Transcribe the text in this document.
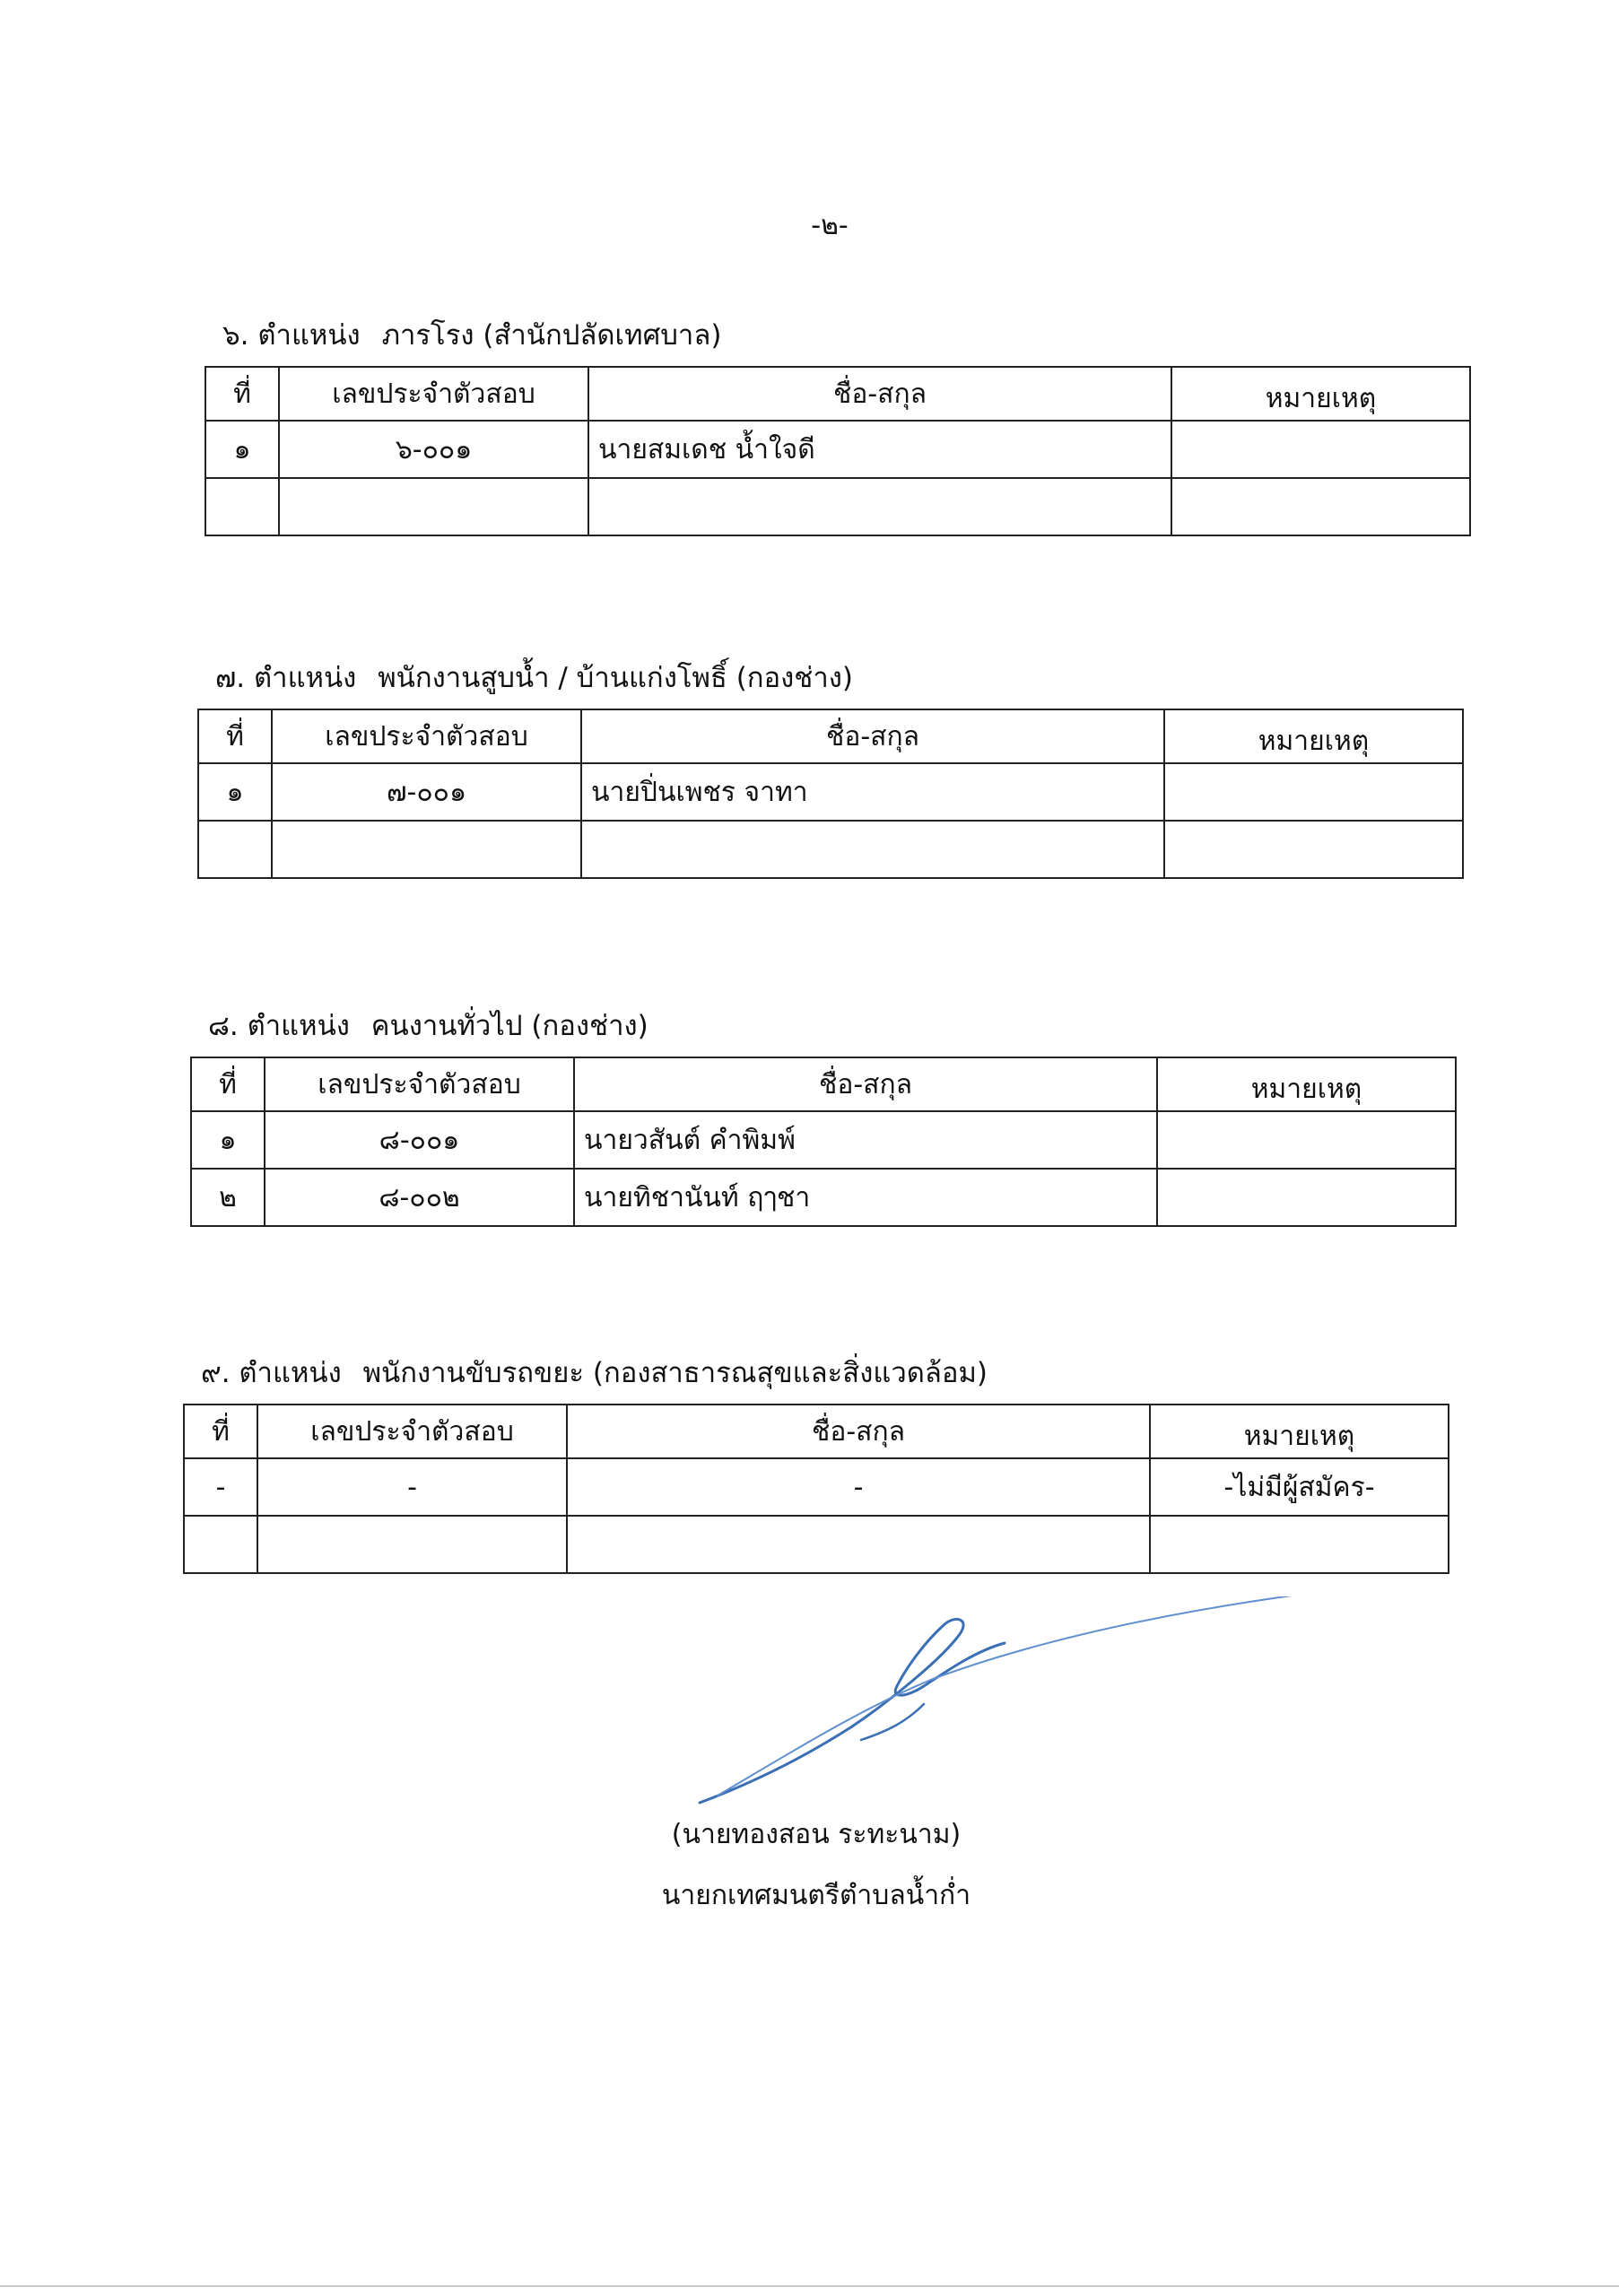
-๒-
๖. ตำแหน่ง ภารโรง (สำนักปลัดเทศบาล)
ที่	เลขประจำตัวสอบ	ชื่อ-สกุล	หมายเหตุ
๑	๖-๐๐๑	นายสมเดช น้ำใจดี	

๗. ตำแหน่ง พนักงานสูบน้ำ / บ้านแก่งโพธิ์ (กองช่าง)
ที่	เลขประจำตัวสอบ	ชื่อ-สกุล	หมายเหตุ
๑	๗-๐๐๑	นายปิ่นเพชร จาทา	

๘. ตำแหน่ง คนงานทั่วไป (กองช่าง)
ที่	เลขประจำตัวสอบ	ชื่อ-สกุล	หมายเหตุ
๑	๘-๐๐๑	นายวสันต์ คำพิมพ์	
๒	๘-๐๐๒	นายทิชานันท์ ฤๅชา	
๙. ตำแหน่ง พนักงานขับรถขยะ (กองสาธารณสุขและสิ่งแวดล้อม)
ที่	เลขประจำตัวสอบ	ชื่อ-สกุล	หมายเหตุ
-	-	-	-ไม่มีผู้สมัคร-

(นายทองสอน ระทะนาม)
นายกเทศมนตรีตำบลน้ำก่ำ
